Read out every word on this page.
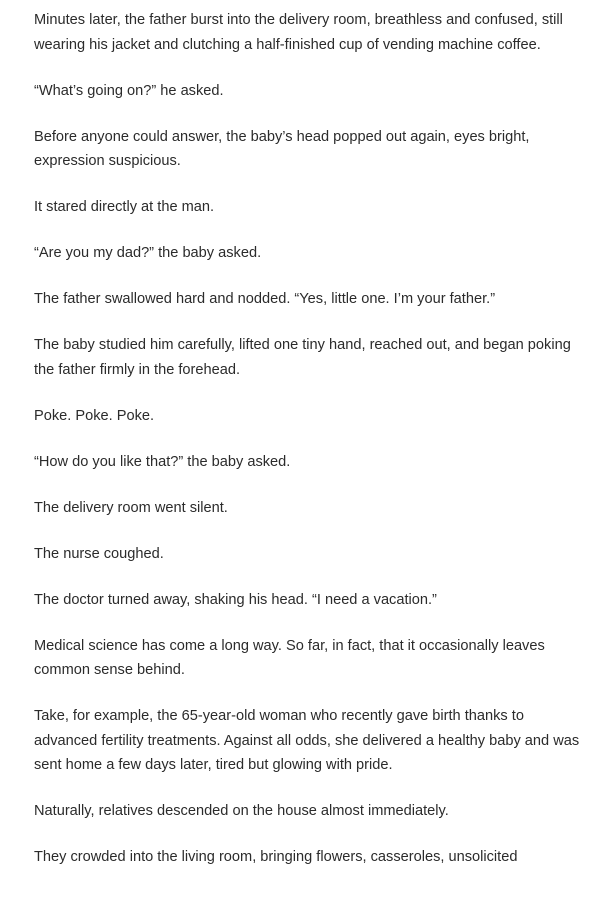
Minutes later, the father burst into the delivery room, breathless and confused, still wearing his jacket and clutching a half-finished cup of vending machine coffee.

“What’s going on?” he asked.

Before anyone could answer, the baby’s head popped out again, eyes bright, expression suspicious.

It stared directly at the man.

“Are you my dad?” the baby asked.

The father swallowed hard and nodded. “Yes, little one. I’m your father.”

The baby studied him carefully, lifted one tiny hand, reached out, and began poking the father firmly in the forehead.

Poke. Poke. Poke.

“How do you like that?” the baby asked.

The delivery room went silent.

The nurse coughed.

The doctor turned away, shaking his head. “I need a vacation.”

Medical science has come a long way. So far, in fact, that it occasionally leaves common sense behind.

Take, for example, the 65-year-old woman who recently gave birth thanks to advanced fertility treatments. Against all odds, she delivered a healthy baby and was sent home a few days later, tired but glowing with pride.

Naturally, relatives descended on the house almost immediately.

They crowded into the living room, bringing flowers, casseroles, unsolicited
